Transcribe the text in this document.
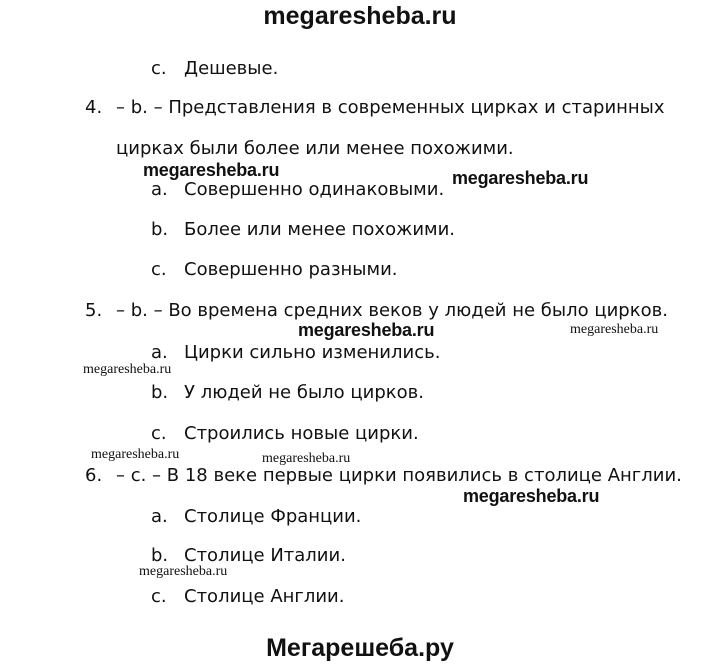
megaresheba.ru
c. Дешевые.
4. – b. – Представления в современных цирках и старинных
цирках были более или менее похожими.
a. Совершенно одинаковыми.
b. Более или менее похожими.
c. Совершенно разными.
5. – b. – Во времена средних веков у людей не было цирков.
a. Цирки сильно изменились.
b. У людей не было цирков.
c. Строились новые цирки.
6. – c. – В 18 веке первые цирки появились в столице Англии.
a. Столице Франции.
b. Столице Италии.
c. Столице Англии.
megaresheba.ru	megaresheba.ru
megaresheba.ru	megaresheba.ru
megaresheba.ru
megaresheba.ru	megaresheba.ru
megaresheba.ru
megaresheba.ru
Мегарешеба.ру
